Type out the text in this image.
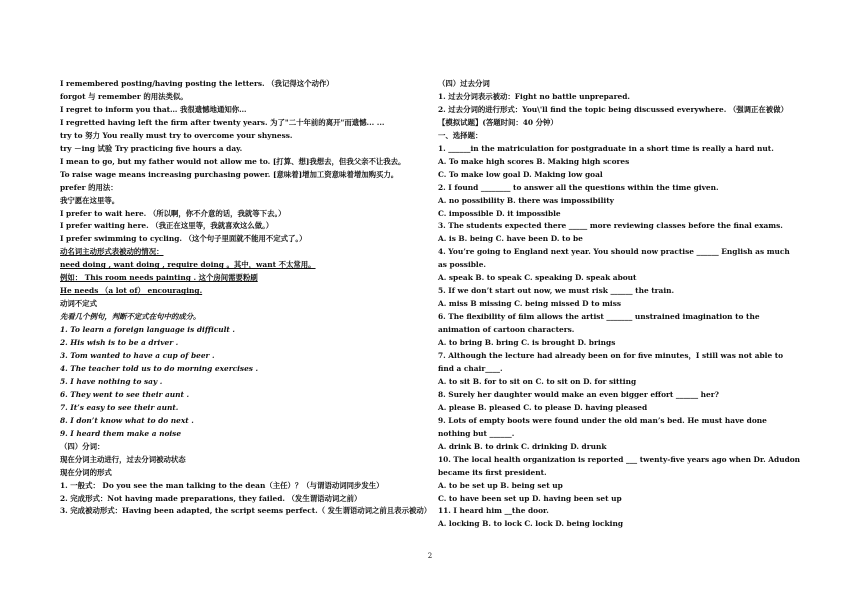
I remembered posting/having posting the letters. （我记得这个动作）
forgot 与 remember 的用法类似。
I regret to inform you that… 我很遗憾地通知你…
I regretted having left the firm after twenty years. 为了"二十年前的离开"而遗憾... ...
try to 努力 You really must try to overcome your shyness.
try －ing 试验 Try practicing five hours a day.
I mean to go, but my father would not allow me to. [打算、想]我想去，但我父亲不让我去。
To raise wage means increasing purchasing power. [意味着]增加工资意味着增加购买力。
prefer 的用法：
我宁愿在这里等。
I prefer to wait here. （所以啊，你不介意的话，我就等下去。）
I prefer waiting here. （我正在这里等，我就喜欢这么做。）
I prefer swimming to cycling. （这个句子里面就不能用不定式了。）
动名词主动形式表被动的情况：
need doing , want doing , require doing 。其中，want 不太常用。
例如： This room needs painting . 这个房间需要粉刷
He needs （a lot of） encouraging.
动词不定式
先看几个例句，判断不定式在句中的成分。
1. To learn a foreign language is difficult .
2. His wish is to be a driver .
3. Tom wanted to have a cup of beer .
4. The teacher told us to do morning exercises .
5. I have nothing to say .
6. They went to see their aunt .
7. It’s easy to see their aunt.
8. I don’t know what to do next .
9. I heard them make a noise
（四）分词：
现在分词主动进行，过去分词被动状态
现在分词的形式
1. 一般式： Do you see the man talking to the dean（主任）？（与谓语动词同步发生）
2. 完成形式：Not having made preparations, they failed. （发生谓语动词之前）
3. 完成被动形式：Having been adapted, the script seems perfect.（ 发生谓语动词之前且表示被动）
（四）过去分词
1. 过去分词表示被动：Fight no battle unprepared.
2. 过去分词的进行形式：You\'ll find the topic being discussed everywhere. （强调正在被做）
【模拟试题】(答题时间：40 分钟）
一、选择题：
1. ______in the matriculation for postgraduate in a short time is really a hard nut.
A. To make high scores B. Making high scores
C. To make low goal D. Making low goal
2. I found ________ to answer all the questions within the time given.
A. no possibility B. there was impossibility
C. impossible D. it impossible
3. The students expected there _____ more reviewing classes before the final exams.
A. is B. being C. have been D. to be
4. You’re going to England next year. You should now practise ______ English as much as possible.
A. speak B. to speak C. speaking D. speak about
5. If we don’t start out now, we must risk ______ the train.
A. miss B missing C. being missed D to miss
6. The flexibility of film allows the artist _______ unstrained imagination to the animation of cartoon characters.
A. to bring B. bring C. is brought D. brings
7. Although the lecture had already been on for five minutes，I still was not able to find a chair____.
A. to sit B. for to sit on C. to sit on D. for sitting
8. Surely her daughter would make an even bigger effort ______ her?
A. please B. pleased C. to please D. having pleased
9. Lots of empty boots were found under the old man’s bed. He must have done nothing but ______.
A. drink B. to drink C. drinking D. drunk
10. The local health organization is reported ___ twenty-five years ago when Dr. Adudon became its first president.
A. to be set up B. being set up
C. to have been set up D. having been set up
11. I heard him __the door.
A. locking B. to lock C. lock D. being locking
2
